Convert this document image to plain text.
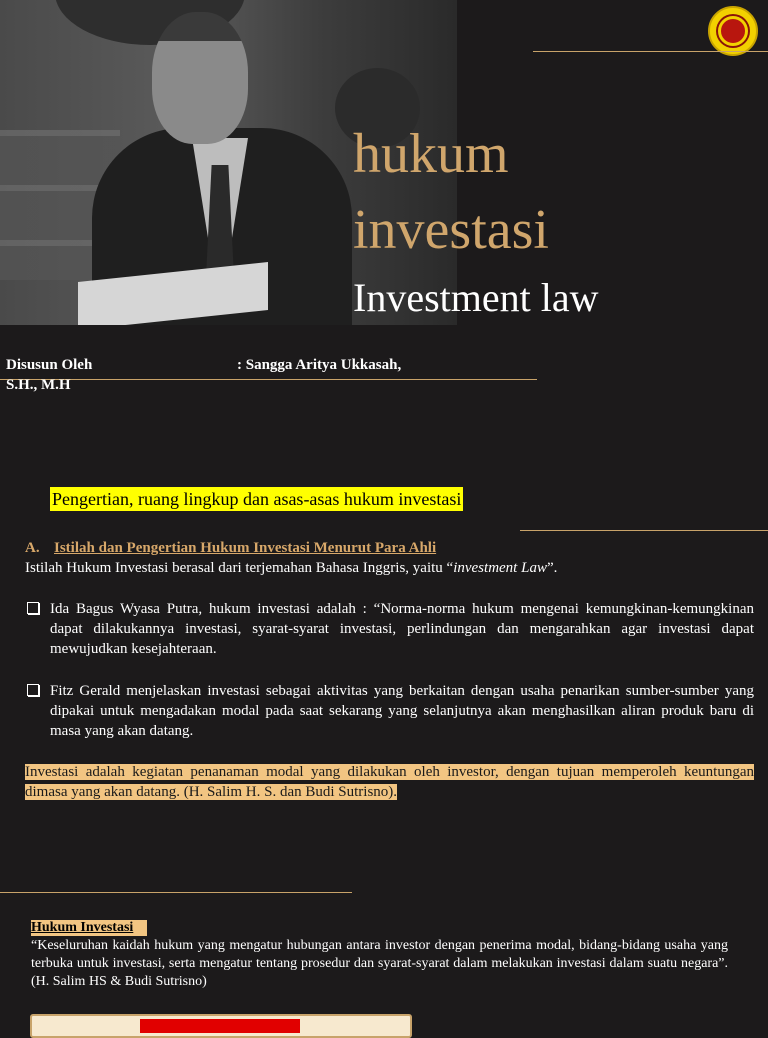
hukum
investasi
Investment law
Disusun Oleh	: Sangga Aritya Ukkasah,
S.H., M.H
Pengertian, ruang lingkup dan asas-asas hukum investasi
A. Istilah dan Pengertian Hukum Investasi Menurut Para Ahli
Istilah Hukum Investasi berasal dari terjemahan Bahasa Inggris, yaitu “investment Law”.
Ida Bagus Wyasa Putra, hukum investasi adalah : “Norma-norma hukum mengenai kemungkinan-kemungkinan dapat dilakukannya investasi, syarat-syarat investasi, perlindungan dan mengarahkan agar investasi dapat mewujudkan kesejahteraan.
Fitz Gerald menjelaskan investasi sebagai aktivitas yang berkaitan dengan usaha penarikan sumber-sumber yang dipakai untuk mengadakan modal pada saat sekarang yang selanjutnya akan menghasilkan aliran produk baru di masa yang akan datang.
Investasi adalah kegiatan penanaman modal yang dilakukan oleh investor, dengan tujuan memperoleh keuntungan dimasa yang akan datang. (H. Salim H. S. dan Budi Sutrisno).
Hukum Investasi
“Keseluruhan kaidah hukum yang mengatur hubungan antara investor dengan penerima modal, bidang-bidang usaha yang terbuka untuk investasi, serta mengatur tentang prosedur dan syarat-syarat dalam melakukan investasi dalam suatu negara”. (H. Salim HS & Budi Sutrisno)
